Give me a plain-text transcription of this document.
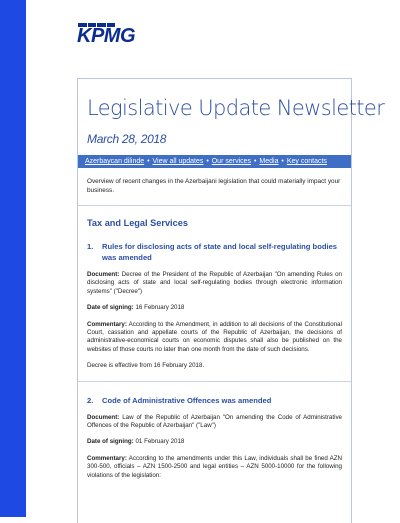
KPMG
Legislative Update Newsletter
March 28, 2018
Azerbaycan dilinde • View all updates • Our services • Media • Key contacts
Overview of recent changes in the Azerbaijani legislation that could materially impact your business.
Tax and Legal Services
1.	Rules for disclosing acts of state and local self-regulating bodies was amended
Document: Decree of the President of the Republic of Azerbaijan "On amending Rules on disclosing acts of state and local self-regulating bodies through electronic information systems" ("Decree")
Date of signing: 16 February 2018
Commentary: According to the Amendment, in addition to all decisions of the Constitutional Court, cassation and appellate courts of the Republic of Azerbaijan, the decisions of administrative-economical courts on economic disputes shall also be published on the websites of those courts no later than one month from the date of such decisions.
Decree is effective from 16 February 2018.
2.	Code of Administrative Offences was amended
Document: Law of the Republic of Azerbaijan "On amending the Code of Administrative Offences of the Republic of Azerbaijan" ("Law")
Date of signing: 01 February 2018
Commentary: According to the amendments under this Law, individuals shall be fined AZN 300-500, officials – AZN 1500-2500 and legal entities – AZN 5000-10000 for the following violations of the legislation:
